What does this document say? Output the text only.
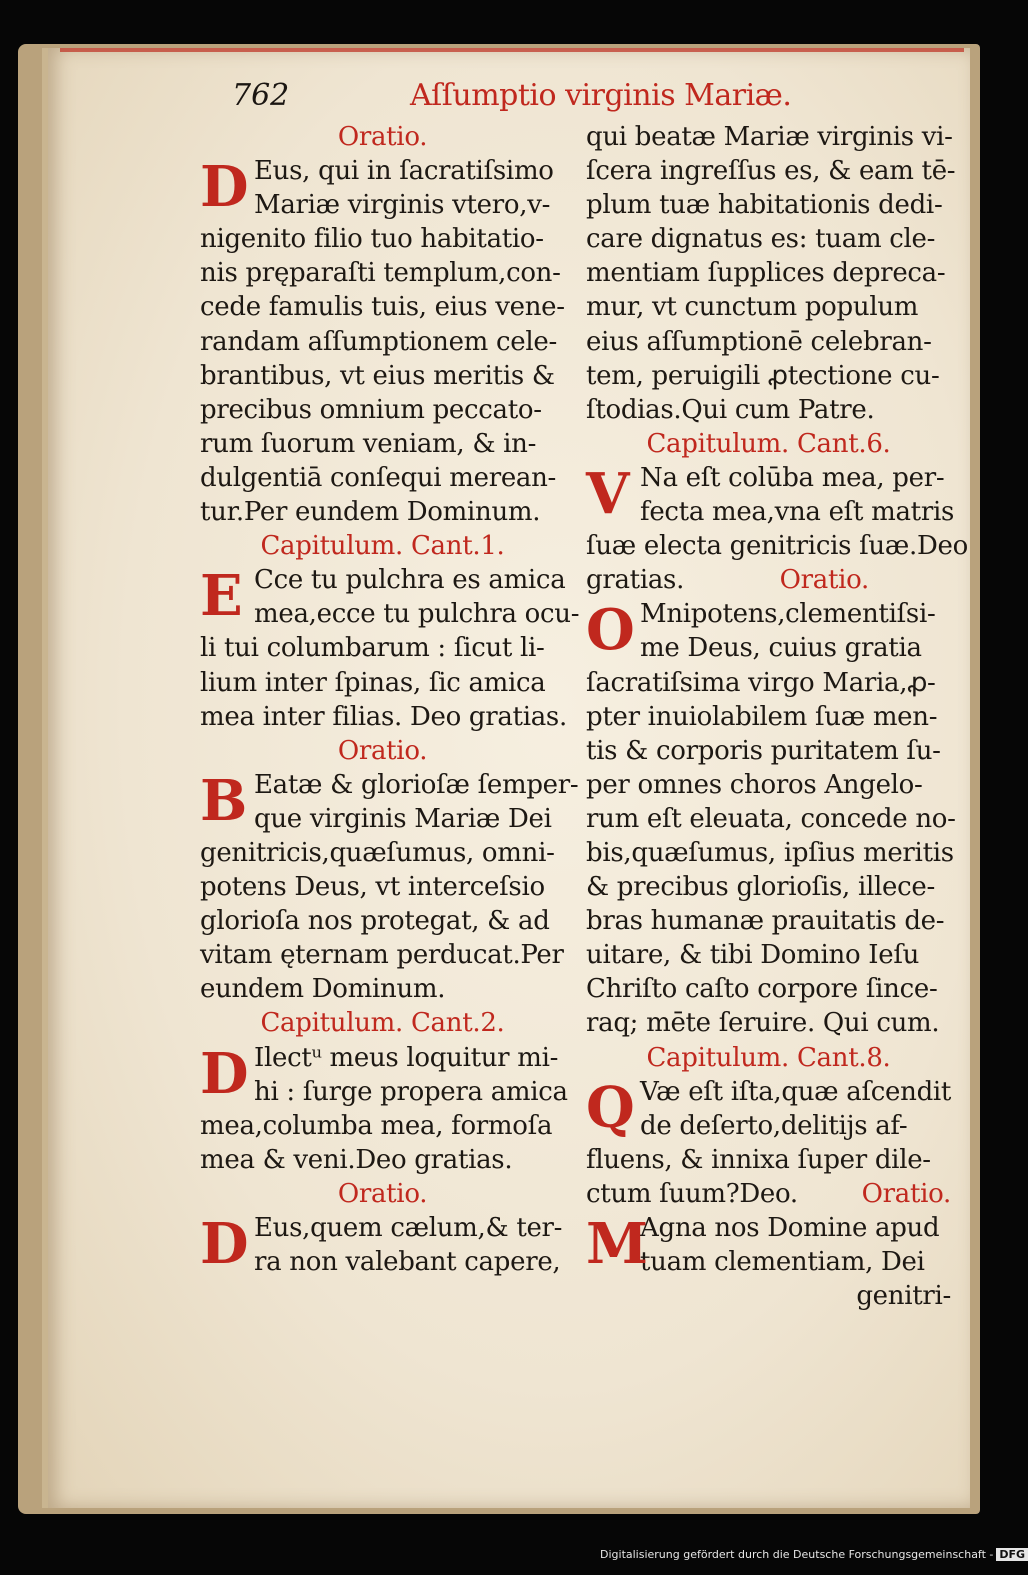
762	Aſſumptio virginis Mariæ.
Oratio.
D Eus, qui in ſacratiſsimo
Mariæ virginis vtero,v-
nigenito filio tuo habitatio-
nis pręparaſti templum,con-
cede famulis tuis, eius vene-
randam aſſumptionem cele-
brantibus, vt eius meritis &
precibus omnium peccato-
rum ſuorum veniam, & in-
dulgentiā conſequi merean-
tur.Per eundem Dominum.
Capitulum. Cant.1.
E Cce tu pulchra es amica
mea,ecce tu pulchra ocu-
li tui columbarum : ſicut li-
lium inter ſpinas, ſic amica
mea inter filias. Deo gratias.
Oratio.
B Eatæ & glorioſæ ſemper-
que virginis Mariæ Dei
genitricis,quæſumus, omni-
potens Deus, vt interceſsio
glorioſa nos protegat, & ad
vitam ęternam perducat.Per
eundem Dominum.
Capitulum. Cant.2.
D Ilectᵘ meus loquitur mi-
hi : ſurge propera amica
mea,columba mea, formoſa
mea & veni.Deo gratias.
Oratio.
D Eus,quem cælum,& ter-
ra non valebant capere,
qui beatæ Mariæ virginis vi-
ſcera ingreſſus es, & eam tē-
plum tuæ habitationis dedi-
care dignatus es: tuam cle-
mentiam ſupplices depreca-
mur, vt cunctum populum
eius aſſumptionē celebran-
tem, peruigili ꝓtectione cu-
ſtodias.Qui cum Patre.
Capitulum. Cant.6.
V Na eſt colūba mea, per-
fecta mea,vna eſt matris
ſuæ electa genitricis ſuæ.Deo
gratias.	Oratio.
O Mnipotens,clementiſsi-
me Deus, cuius gratia
ſacratiſsima virgo Maria,ꝓ-
pter inuiolabilem ſuæ men-
tis & corporis puritatem ſu-
per omnes choros Angelo-
rum eſt eleuata, concede no-
bis,quæſumus, ipſius meritis
& precibus glorioſis, illece-
bras humanæ prauitatis de-
uitare, & tibi Domino Ieſu
Chriſto caſto corpore ſince-
raq; mēte ſeruire. Qui cum.
Capitulum. Cant.8.
Q Væ eſt iſta,quæ aſcendit
de deſerto,delitijs af-
fluens, & innixa ſuper dile-
ctum ſuum?Deo. Oratio.
M
Agna nos Domine apud
tuam clementiam, Dei
genitri-
Digitalisierung gefördert durch die Deutsche Forschungsgemeinschaft - DFG
